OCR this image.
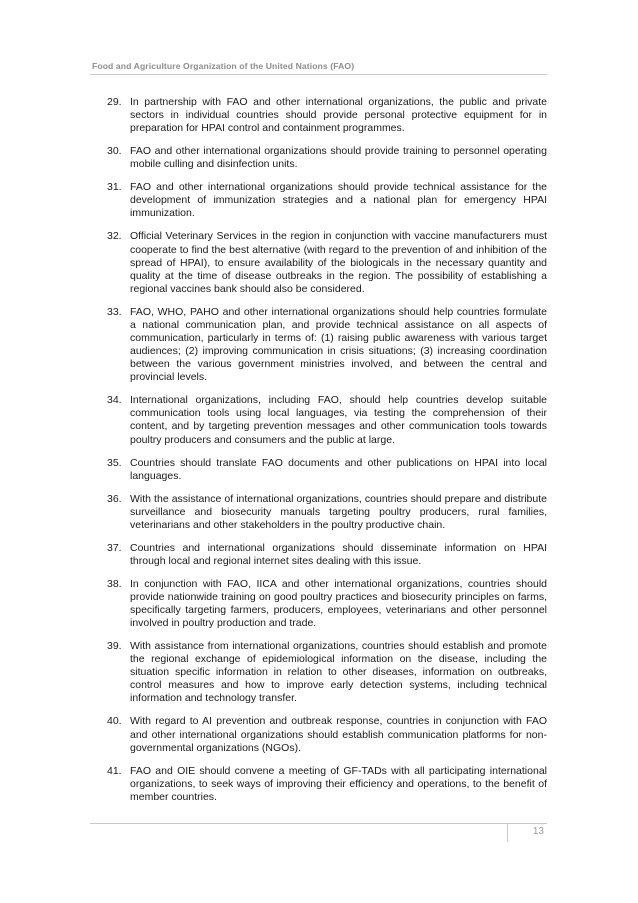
Food and Agriculture Organization of the United Nations (FAO)
29. In partnership with FAO and other international organizations, the public and private sectors in individual countries should provide personal protective equipment for in preparation for HPAI control and containment programmes.
30. FAO and other international organizations should provide training to personnel operating mobile culling and disinfection units.
31. FAO and other international organizations should provide technical assistance for the development of immunization strategies and a national plan for emergency HPAI immunization.
32. Official Veterinary Services in the region in conjunction with vaccine manufacturers must cooperate to find the best alternative (with regard to the prevention of and inhibition of the spread of HPAI), to ensure availability of the biologicals in the necessary quantity and quality at the time of disease outbreaks in the region. The possibility of establishing a regional vaccines bank should also be considered.
33. FAO, WHO, PAHO and other international organizations should help countries formulate a national communication plan, and provide technical assistance on all aspects of communication, particularly in terms of: (1) raising public awareness with various target audiences; (2) improving communication in crisis situations; (3) increasing coordination between the various government ministries involved, and between the central and provincial levels.
34. International organizations, including FAO, should help countries develop suitable communication tools using local languages, via testing the comprehension of their content, and by targeting prevention messages and other communication tools towards poultry producers and consumers and the public at large.
35. Countries should translate FAO documents and other publications on HPAI into local languages.
36. With the assistance of international organizations, countries should prepare and distribute surveillance and biosecurity manuals targeting poultry producers, rural families, veterinarians and other stakeholders in the poultry productive chain.
37. Countries and international organizations should disseminate information on HPAI through local and regional internet sites dealing with this issue.
38. In conjunction with FAO, IICA and other international organizations, countries should provide nationwide training on good poultry practices and biosecurity principles on farms, specifically targeting farmers, producers, employees, veterinarians and other personnel involved in poultry production and trade.
39. With assistance from international organizations, countries should establish and promote the regional exchange of epidemiological information on the disease, including the situation specific information in relation to other diseases, information on outbreaks, control measures and how to improve early detection systems, including technical information and technology transfer.
40. With regard to AI prevention and outbreak response, countries in conjunction with FAO and other international organizations should establish communication platforms for non-governmental organizations (NGOs).
41. FAO and OIE should convene a meeting of GF-TADs with all participating international organizations, to seek ways of improving their efficiency and operations, to the benefit of member countries.
13
